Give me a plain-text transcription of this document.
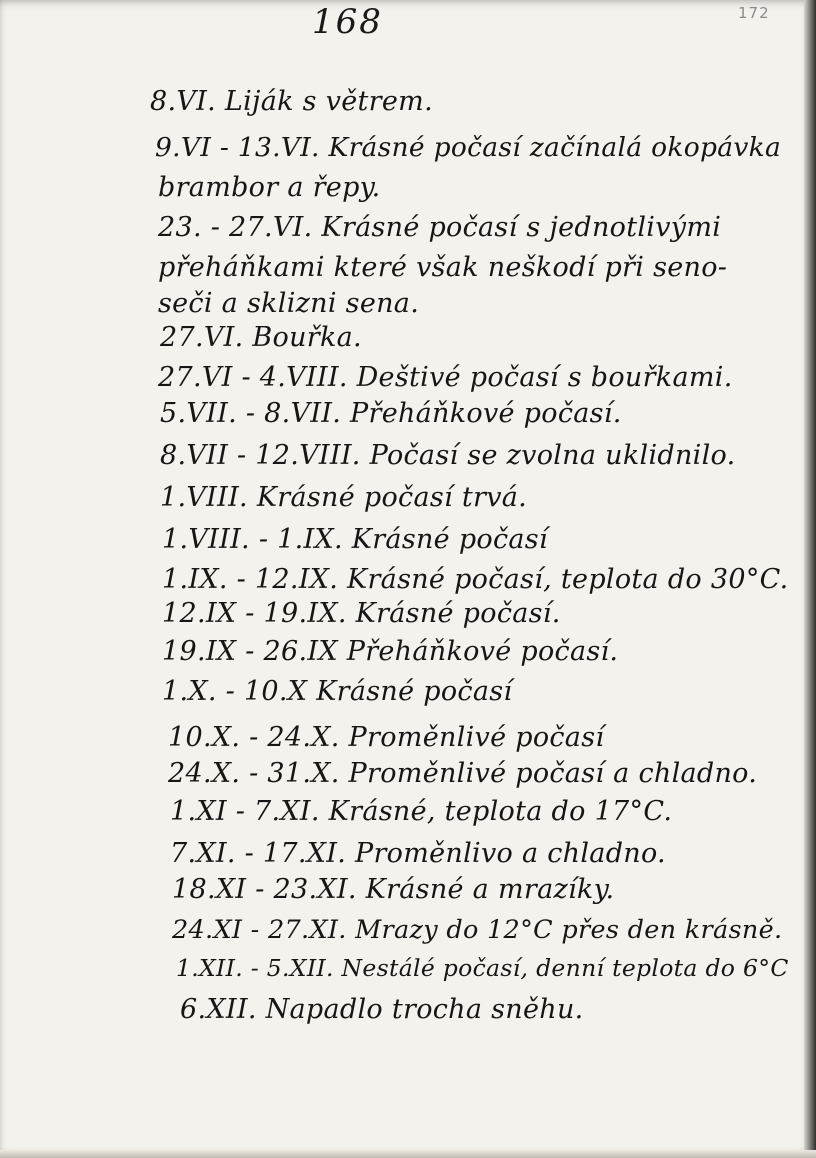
168	172
8.VI. Liják s větrem.
9.VI - 13.VI. Krásné počasí začínalá okopávka
brambor a řepy.
23. - 27.VI. Krásné počasí s jednotlivými
přeháňkami které však neškodí při seno-
seči a sklizni sena.
27.VI. Bouřka.
27.VI - 4.VIII. Deštivé počasí s bouřkami.
5.VII. - 8.VII. Přeháňkové počasí.
8.VII - 12.VIII. Počasí se zvolna uklidnilo.
1.VIII. Krásné počasí trvá.
1.VIII. - 1.IX. Krásné počasí
1.IX. - 12.IX. Krásné počasí, teplota do 30°C.
12.IX - 19.IX. Krásné počasí.
19.IX - 26.IX Přeháňkové počasí.
1.X. - 10.X Krásné počasí
10.X. - 24.X. Proměnlivé počasí
24.X. - 31.X. Proměnlivé počasí a chladno.
1.XI - 7.XI. Krásné, teplota do 17°C.
7.XI. - 17.XI. Proměnlivo a chladno.
18.XI - 23.XI. Krásné a mrazíky.
24.XI - 27.XI. Mrazy do 12°C přes den krásně.
1.XII. - 5.XII. Nestálé počasí, denní teplota do 6°C
6.XII. Napadlo trocha sněhu.
